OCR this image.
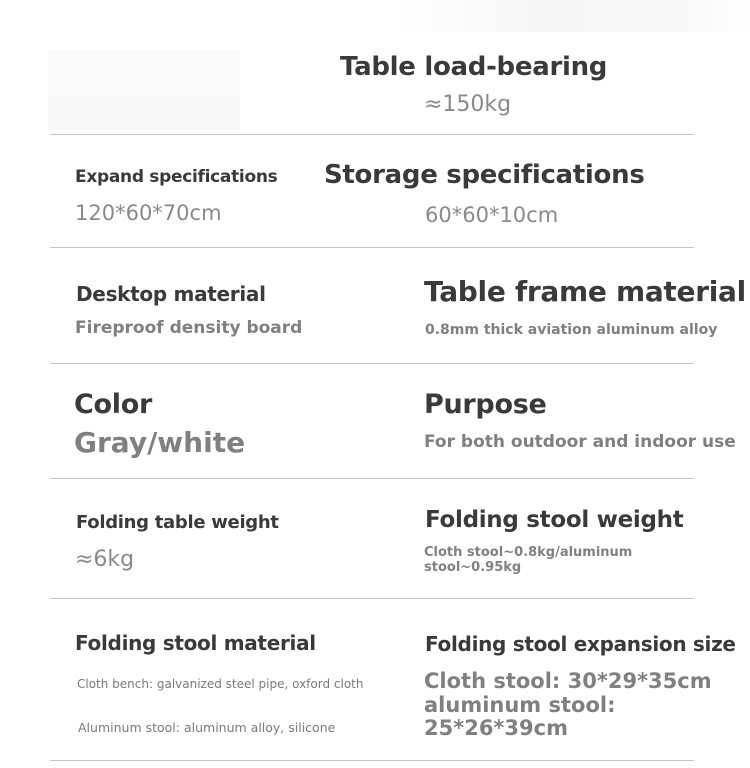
Table load-bearing
≈150kg
Expand specifications
120*60*70cm
Storage specifications
60*60*10cm
Desktop material
Fireproof density board
Table frame material
0.8mm thick aviation aluminum alloy
Color
Gray/white
Purpose
For both outdoor and indoor use
Folding table weight
≈6kg
Folding stool weight
Cloth stool~0.8kg/aluminum
stool~0.95kg
Folding stool material
Cloth bench: galvanized steel pipe, oxford cloth
Aluminum stool: aluminum alloy, silicone
Folding stool expansion size
Cloth stool: 30*29*35cm
aluminum stool:
25*26*39cm
